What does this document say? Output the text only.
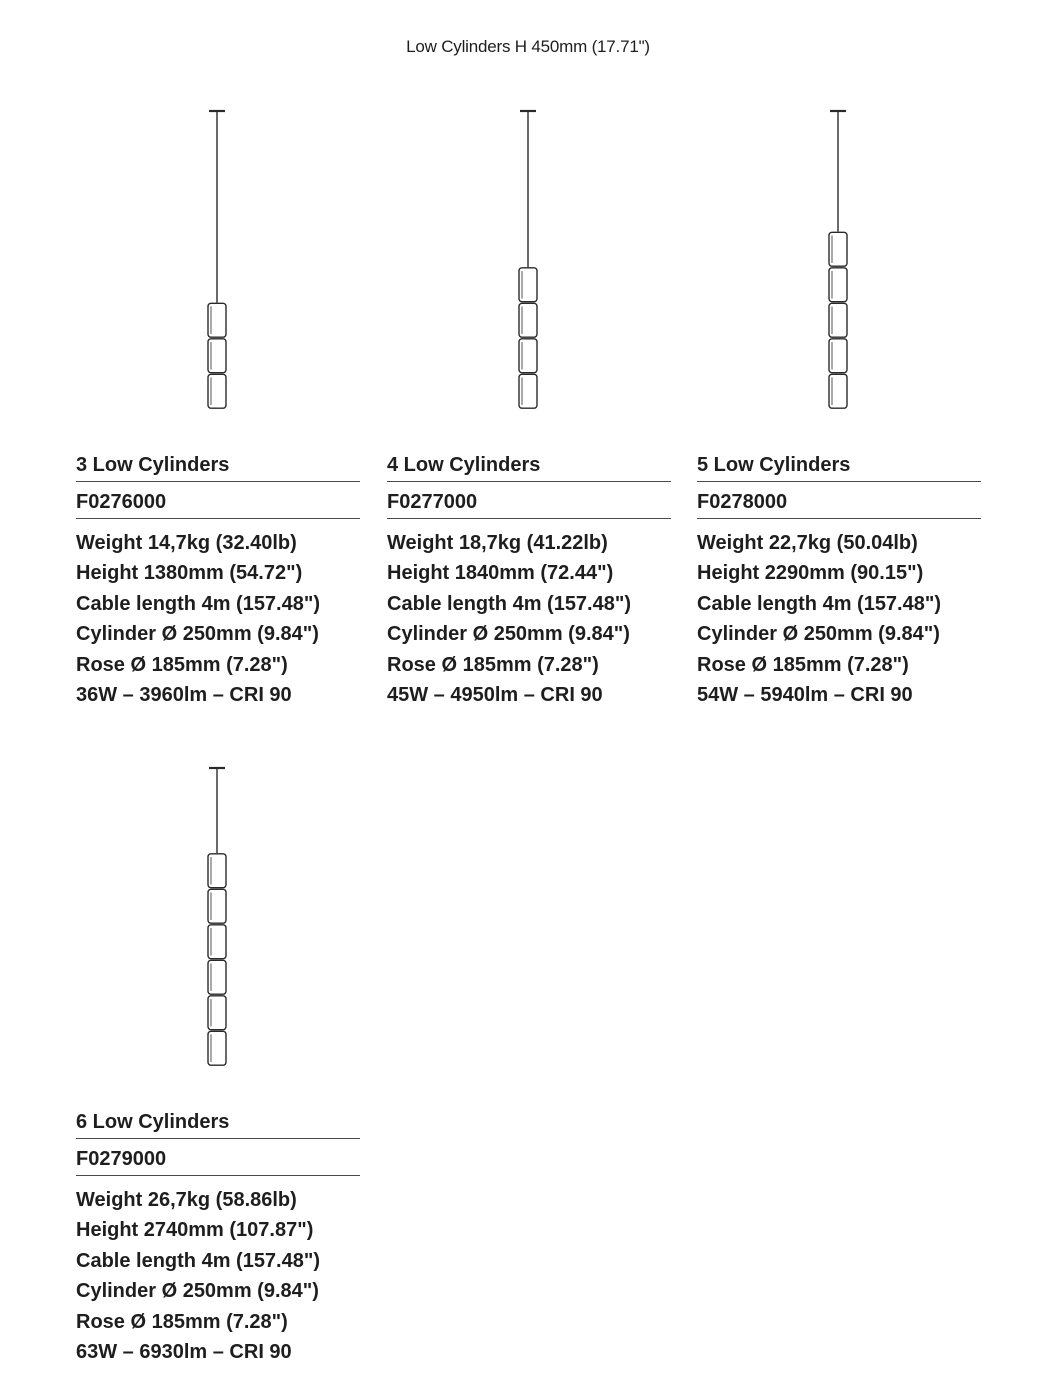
Low Cylinders H 450mm (17.71")
3 Low Cylinders
F0276000
Weight 14,7kg (32.40lb)
Height 1380mm (54.72")
Cable length 4m (157.48")
Cylinder Ø 250mm (9.84")
Rose Ø 185mm (7.28")
36W – 3960lm – CRI 90
4 Low Cylinders
F0277000
Weight 18,7kg (41.22lb)
Height 1840mm (72.44")
Cable length 4m (157.48")
Cylinder Ø 250mm (9.84")
Rose Ø 185mm (7.28")
45W – 4950lm – CRI 90
5 Low Cylinders
F0278000
Weight 22,7kg (50.04lb)
Height 2290mm (90.15")
Cable length 4m (157.48")
Cylinder Ø 250mm (9.84")
Rose Ø 185mm (7.28")
54W – 5940lm – CRI 90
6 Low Cylinders
F0279000
Weight 26,7kg (58.86lb)
Height 2740mm (107.87")
Cable length 4m (157.48")
Cylinder Ø 250mm (9.84")
Rose Ø 185mm (7.28")
63W – 6930lm – CRI 90
